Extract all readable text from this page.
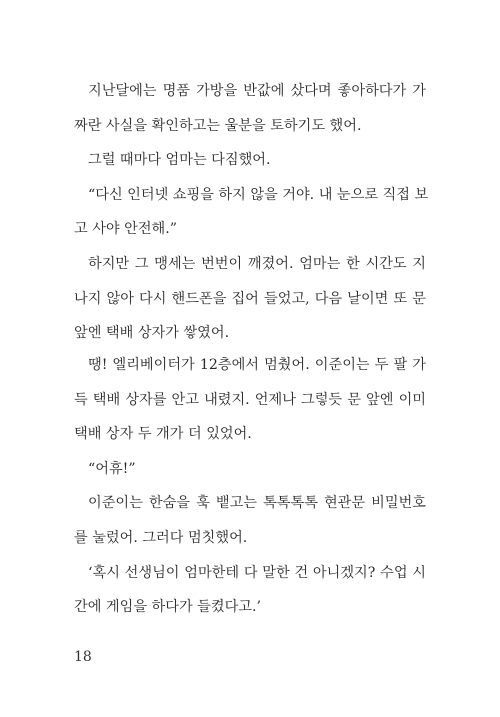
지난달에는 명품 가방을 반값에 샀다며 좋아하다가 가
짜란 사실을 확인하고는 울분을 토하기도 했어.
그럴 때마다 엄마는 다짐했어.
“다신 인터넷 쇼핑을 하지 않을 거야. 내 눈으로 직접 보
고 사야 안전해.”
하지만 그 맹세는 번번이 깨졌어. 엄마는 한 시간도 지
나지 않아 다시 핸드폰을 집어 들었고, 다음 날이면 또 문
앞엔 택배 상자가 쌓였어.
땡! 엘리베이터가 12층에서 멈췄어. 이준이는 두 팔 가
득 택배 상자를 안고 내렸지. 언제나 그렇듯 문 앞엔 이미
택배 상자 두 개가 더 있었어.
“어휴!”
이준이는 한숨을 훅 뱉고는 톡톡톡톡 현관문 비밀번호
를 눌렀어. 그러다 멈칫했어.
‘혹시 선생님이 엄마한테 다 말한 건 아니겠지? 수업 시
간에 게임을 하다가 들켰다고.’
18
